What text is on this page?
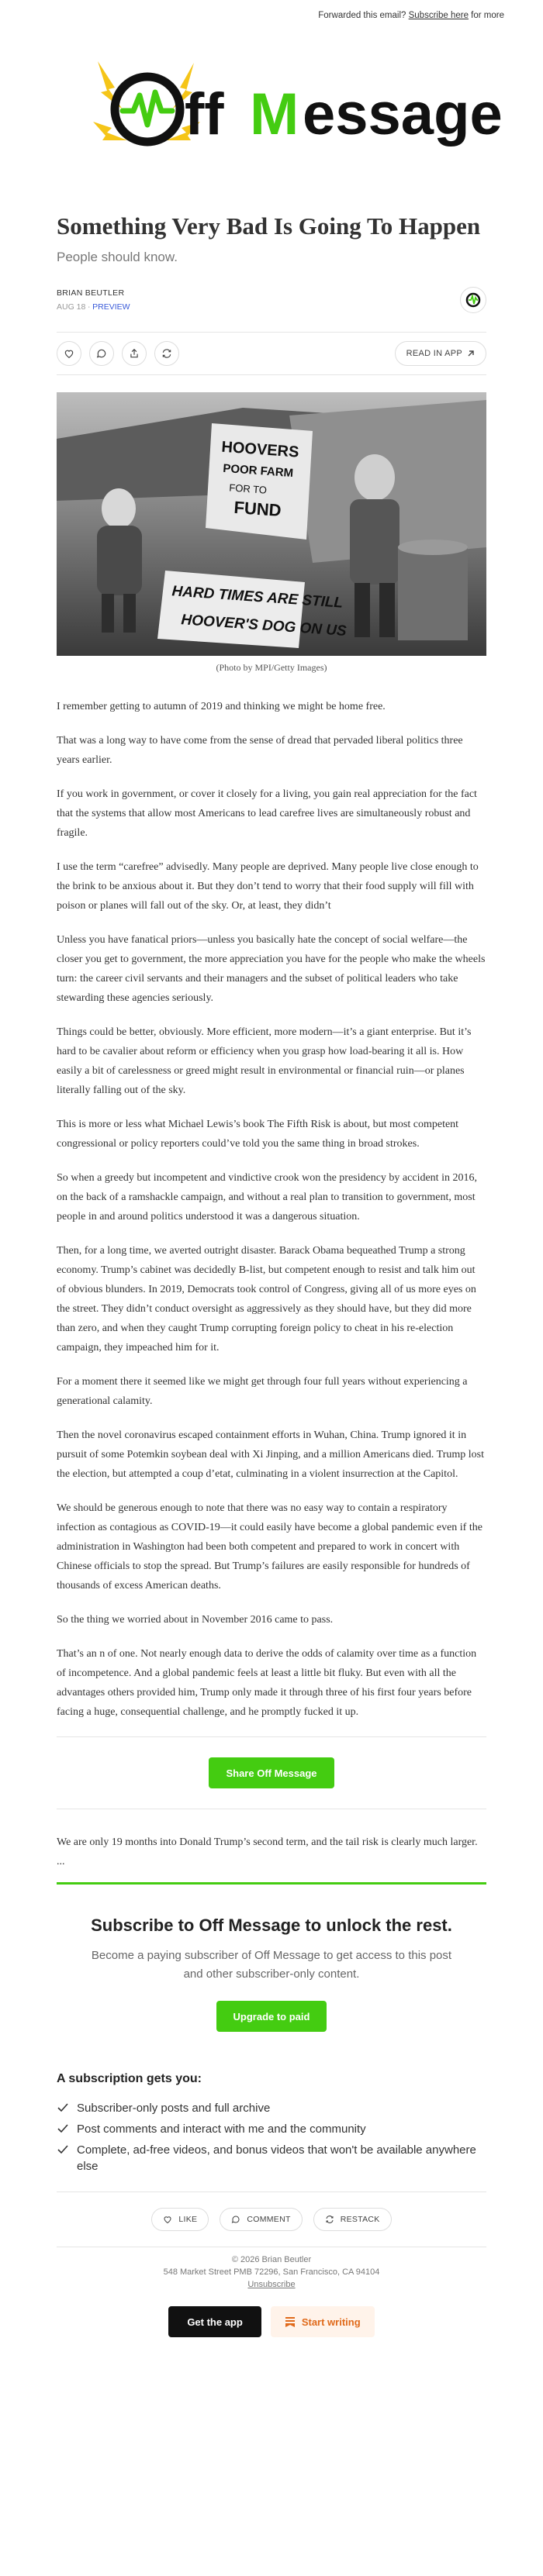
Forwarded this email? Subscribe here for more
ff M essage
Something Very Bad Is Going To Happen
People should know.
BRIAN BEUTLER
AUG 18 ∙ PREVIEW
READ IN APP
HOOVERS
POOR FARM
FOR TO
FUND
HARD TIMES ARE STILL
HOOVER'S DOG ON US
(Photo by MPI/Getty Images)

I remember getting to autumn of 2019 and thinking we might be home free.

That was a long way to have come from the sense of dread that pervaded liberal politics three years earlier.

If you work in government, or cover it closely for a living, you gain real appreciation for the fact that the systems that allow most Americans to lead carefree lives are simultaneously robust and fragile.

I use the term “carefree” advisedly. Many people are deprived. Many people live close enough to the brink to be anxious about it. But they don’t tend to worry that their food supply will fill with poison or planes will fall out of the sky. Or, at least, they didn’t

Unless you have fanatical priors—unless you basically hate the concept of social welfare—the closer you get to government, the more appreciation you have for the people who make the wheels turn: the career civil servants and their managers and the subset of political leaders who take stewarding these agencies seriously.

Things could be better, obviously. More efficient, more modern—it’s a giant enterprise. But it’s hard to be cavalier about reform or efficiency when you grasp how load-bearing it all is. How easily a bit of carelessness or greed might result in environmental or financial ruin—or planes literally falling out of the sky.

This is more or less what Michael Lewis’s book The Fifth Risk is about, but most competent congressional or policy reporters could’ve told you the same thing in broad strokes.

So when a greedy but incompetent and vindictive crook won the presidency by accident in 2016, on the back of a ramshackle campaign, and without a real plan to transition to government, most people in and around politics understood it was a dangerous situation.

Then, for a long time, we averted outright disaster. Barack Obama bequeathed Trump a strong economy. Trump’s cabinet was decidedly B-list, but competent enough to resist and talk him out of obvious blunders. In 2019, Democrats took control of Congress, giving all of us more eyes on the street. They didn’t conduct oversight as aggressively as they should have, but they did more than zero, and when they caught Trump corrupting foreign policy to cheat in his re-election campaign, they impeached him for it.

For a moment there it seemed like we might get through four full years without experiencing a generational calamity.

Then the novel coronavirus escaped containment efforts in Wuhan, China. Trump ignored it in pursuit of some Potemkin soybean deal with Xi Jinping, and a million Americans died. Trump lost the election, but attempted a coup d’etat, culminating in a violent insurrection at the Capitol.

We should be generous enough to note that there was no easy way to contain a respiratory infection as contagious as COVID-19—it could easily have become a global pandemic even if the administration in Washington had been both competent and prepared to work in concert with Chinese officials to stop the spread. But Trump’s failures are easily responsible for hundreds of thousands of excess American deaths.

So the thing we worried about in November 2016 came to pass.

That’s an n of one. Not nearly enough data to derive the odds of calamity over time as a function of incompetence. And a global pandemic feels at least a little bit fluky. But even with all the advantages others provided him, Trump only made it through three of his first four years before facing a huge, consequential challenge, and he promptly fucked it up.

Share Off Message
We are only 19 months into Donald Trump’s second term, and the tail risk is clearly much larger. ...
Subscribe to Off Message to unlock the rest.
Become a paying subscriber of Off Message to get access to this post and other subscriber-only content.
Upgrade to paid
A subscription gets you:
Subscriber-only posts and full archive
Post comments and interact with me and the community
Complete, ad-free videos, and bonus videos that won't be available anywhere else
LIKE	COMMENT	RESTACK
© 2026 Brian Beutler
548 Market Street PMB 72296, San Francisco, CA 94104
Unsubscribe
Get the app	Start writing
